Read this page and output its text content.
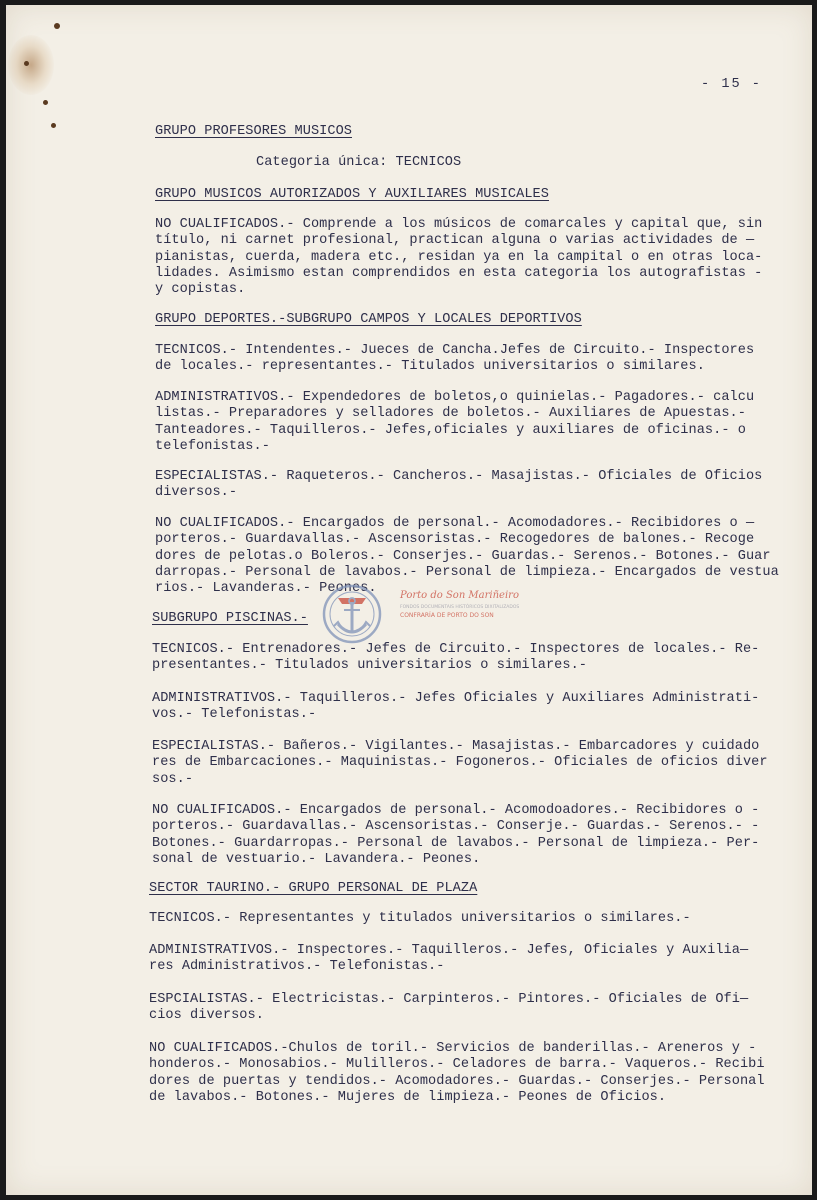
- 15 -
GRUPO PROFESORES MUSICOS
Categoria única: TECNICOS
GRUPO MUSICOS AUTORIZADOS Y AUXILIARES MUSICALES
NO CUALIFICADOS.- Comprende a los músicos de comarcales y capital que, sin
título, ni carnet profesional, practican alguna o varias actividades de —
pianistas, cuerda, madera etc., residan ya en la campital o en otras loca-
lidades. Asimismo estan comprendidos en esta categoria los autografistas -
y copistas.
GRUPO DEPORTES.-SUBGRUPO CAMPOS Y LOCALES DEPORTIVOS
TECNICOS.- Intendentes.- Jueces de Cancha.Jefes de Circuito.- Inspectores
de locales.- representantes.- Titulados universitarios o similares.
ADMINISTRATIVOS.- Expendedores de boletos,o quinielas.- Pagadores.- calcu
listas.- Preparadores y selladores de boletos.- Auxiliares de Apuestas.-
Tanteadores.- Taquilleros.- Jefes,oficiales y auxiliares de oficinas.- o
telefonistas.-
ESPECIALISTAS.- Raqueteros.- Cancheros.- Masajistas.- Oficiales de Oficios
diversos.-
NO CUALIFICADOS.- Encargados de personal.- Acomodadores.- Recibidores o —
porteros.- Guardavallas.- Ascensoristas.- Recogedores de balones.- Recoge
dores de pelotas.o Boleros.- Conserjes.- Guardas.- Serenos.- Botones.- Guar
darropas.- Personal de lavabos.- Personal de limpieza.- Encargados de vestua
rios.- Lavanderas.- Peones.
SUBGRUPO PISCINAS.-
TECNICOS.- Entrenadores.- Jefes de Circuito.- Inspectores de locales.- Re-
presentantes.- Titulados universitarios o similares.-
ADMINISTRATIVOS.- Taquilleros.- Jefes Oficiales y Auxiliares Administrati-
vos.- Telefonistas.-
ESPECIALISTAS.- Bañeros.- Vigilantes.- Masajistas.- Embarcadores y cuidado
res de Embarcaciones.- Maquinistas.- Fogoneros.- Oficiales de oficios diver
sos.-
NO CUALIFICADOS.- Encargados de personal.- Acomodoadores.- Recibidores o -
porteros.- Guardavallas.- Ascensoristas.- Conserje.- Guardas.- Serenos.- -
Botones.- Guardarropas.- Personal de lavabos.- Personal de limpieza.- Per-
sonal de vestuario.- Lavandera.- Peones.
SECTOR TAURINO.- GRUPO PERSONAL DE PLAZA
TECNICOS.- Representantes y titulados universitarios o similares.-
ADMINISTRATIVOS.- Inspectores.- Taquilleros.- Jefes, Oficiales y Auxilia—
res Administrativos.- Telefonistas.-
ESPCIALISTAS.- Electricistas.- Carpinteros.- Pintores.- Oficiales de Ofi—
cios diversos.
NO CUALIFICADOS.-Chulos de toril.- Servicios de banderillas.- Areneros y -
honderos.- Monosabios.- Mulilleros.- Celadores de barra.- Vaqueros.- Recibi
dores de puertas y tendidos.- Acomodadores.- Guardas.- Conserjes.- Personal
de lavabos.- Botones.- Mujeres de limpieza.- Peones de Oficios.
Porto do Son Mariñeiro
FONDOS DOCUMENTAIS HISTÓRICOS DIXITALIZADOS
CONFRARÍA DE PORTO DO SON
